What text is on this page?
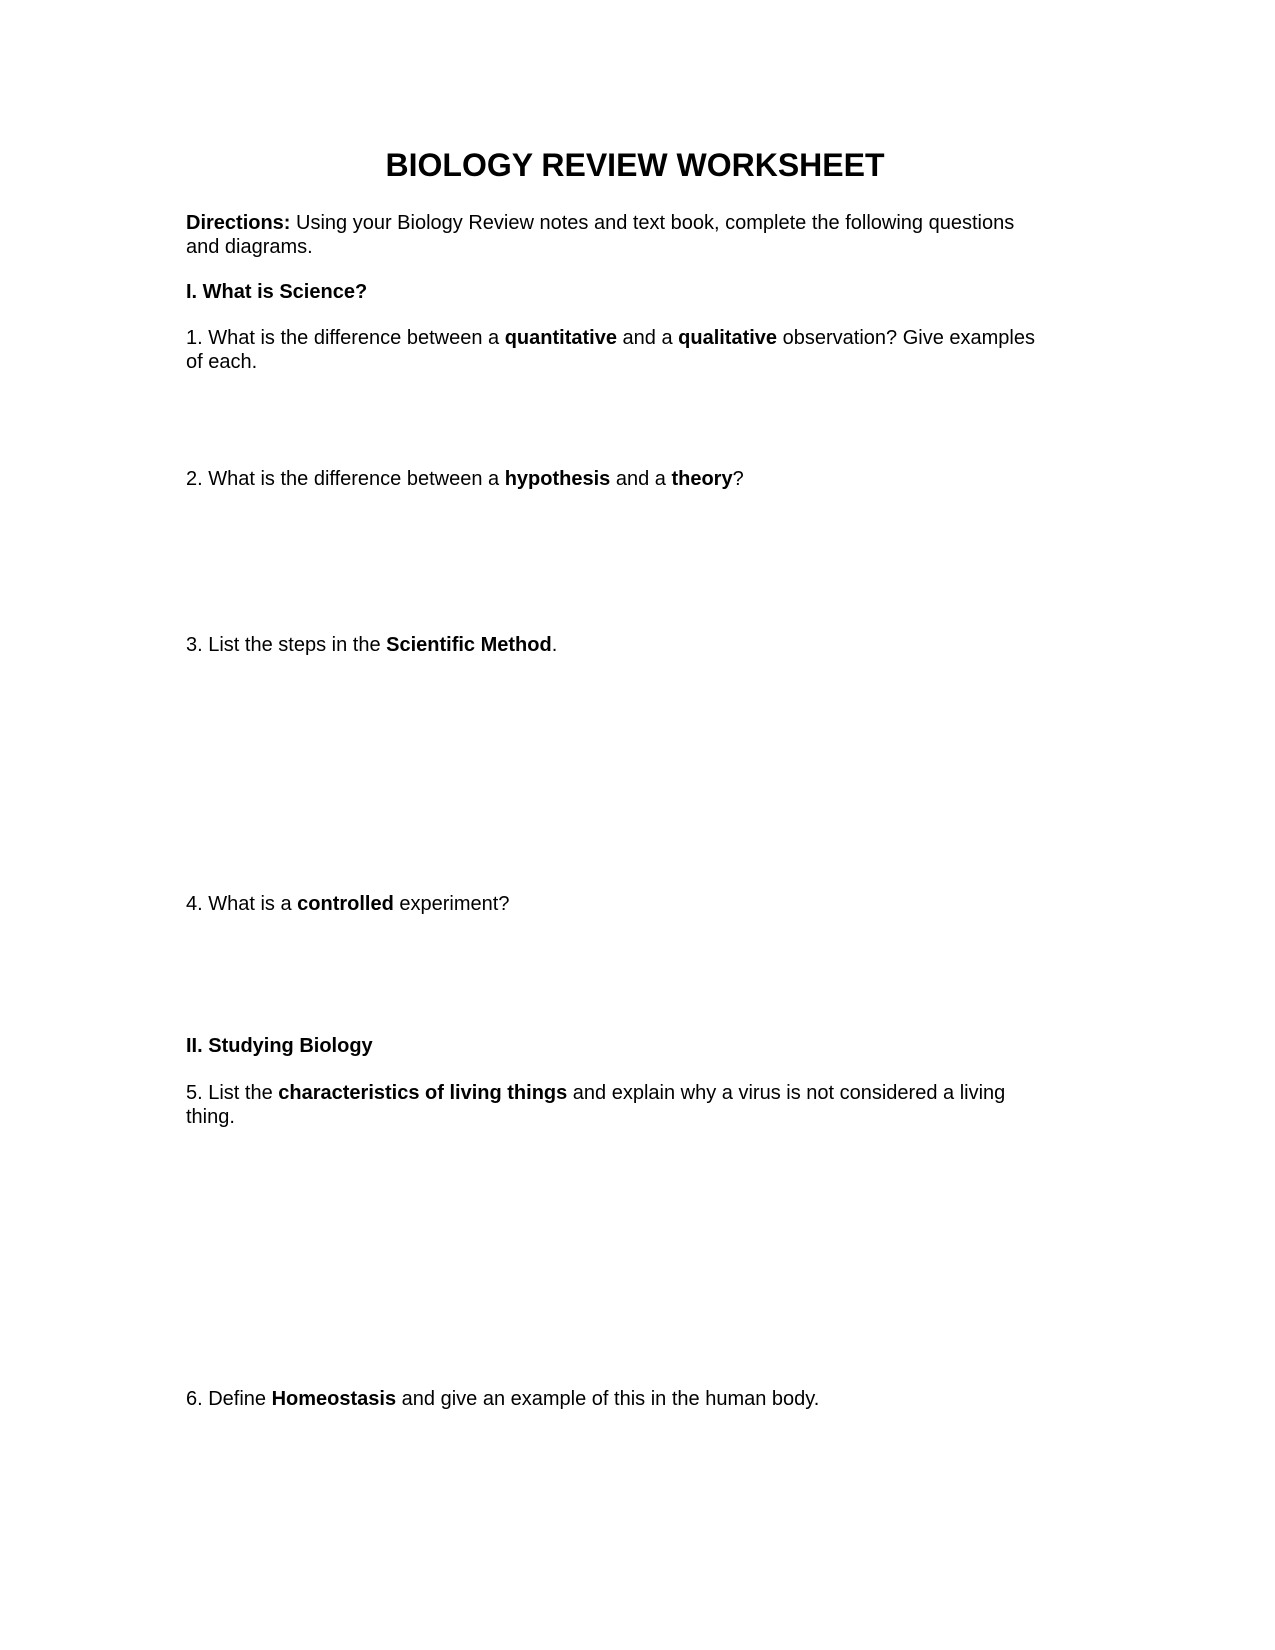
BIOLOGY REVIEW WORKSHEET
Directions: Using your Biology Review notes and text book, complete the following questions
and diagrams.
I. What is Science?
1. What is the difference between a quantitative and a qualitative observation? Give examples
of each.
2. What is the difference between a hypothesis and a theory?
3. List the steps in the Scientific Method.
4. What is a controlled experiment?
II. Studying Biology
5. List the characteristics of living things and explain why a virus is not considered a living
thing.
6. Define Homeostasis and give an example of this in the human body.
